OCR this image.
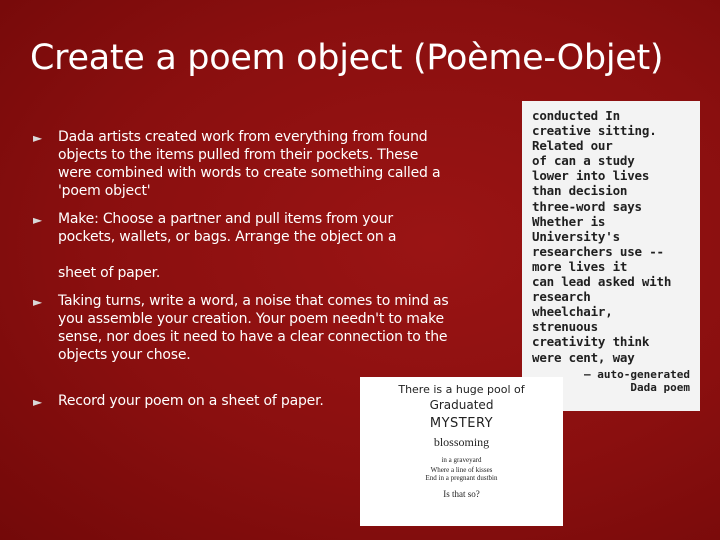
Create a poem object (Poème-Objet)
►	Dada artists created work from everything from found objects to the items pulled from their pockets. These were combined with words to create something called a 'poem object'
►	Make: Choose a partner and pull items from your pockets, wallets, or bags. Arrange the object on a
►	Taking turns, write a word, a noise that comes to mind as you assemble your creation. Your poem needn't to make sense, nor does it need to have a clear connection to the objects your chose.
►	Record your poem on a sheet of paper.
sheet of paper.
conducted In
creative sitting.
Related our
of can a study
lower into lives
than decision
three-word says
Whether is
University's
researchers use --
more lives it
can lead asked with
research
wheelchair,
strenuous
creativity think
were cent, way
— auto-generated
Dada poem
There is a huge pool of
Graduated
MYSTERY
blossoming
in a graveyard
Where a line of kisses
End in a pregnant dustbin
Is that so?
